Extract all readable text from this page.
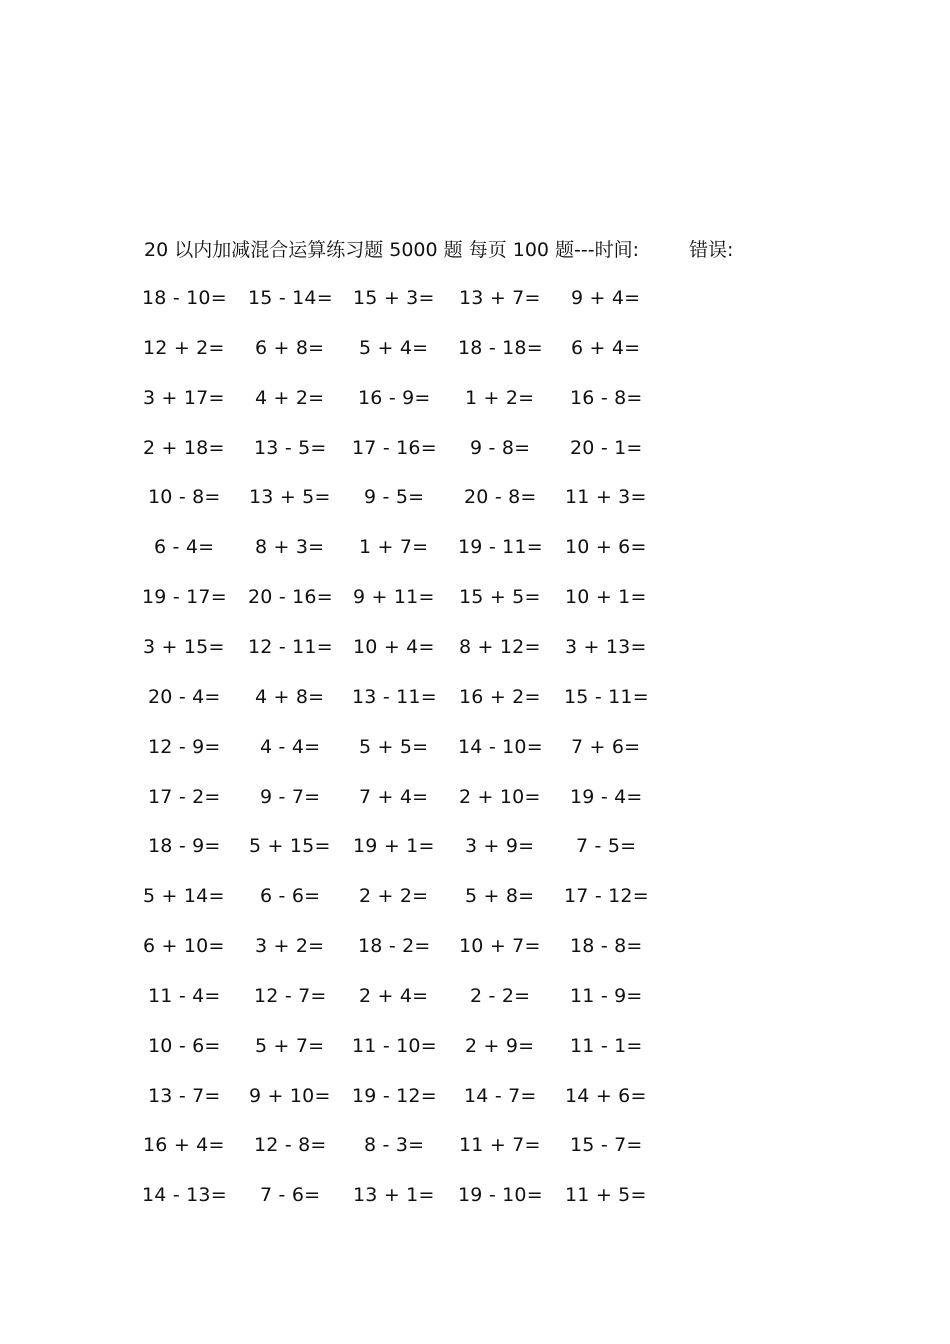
20 以内加减混合运算练习题 5000 题 每页 100 题---时间:	错误:
18 - 10= 15 - 14= 15 + 3= 13 + 7= 9 + 4=
12 + 2= 6 + 8= 5 + 4= 18 - 18= 6 + 4=
3 + 17= 4 + 2= 16 - 9= 1 + 2= 16 - 8=
2 + 18= 13 - 5= 17 - 16= 9 - 8= 20 - 1=
10 - 8= 13 + 5= 9 - 5= 20 - 8= 11 + 3=
6 - 4= 8 + 3= 1 + 7= 19 - 11= 10 + 6=
19 - 17= 20 - 16= 9 + 11= 15 + 5= 10 + 1=
3 + 15= 12 - 11= 10 + 4= 8 + 12= 3 + 13=
20 - 4= 4 + 8= 13 - 11= 16 + 2= 15 - 11=
12 - 9= 4 - 4= 5 + 5= 14 - 10= 7 + 6=
17 - 2= 9 - 7= 7 + 4= 2 + 10= 19 - 4=
18 - 9= 5 + 15= 19 + 1= 3 + 9= 7 - 5=
5 + 14= 6 - 6= 2 + 2= 5 + 8= 17 - 12=
6 + 10= 3 + 2= 18 - 2= 10 + 7= 18 - 8=
11 - 4= 12 - 7= 2 + 4= 2 - 2= 11 - 9=
10 - 6= 5 + 7= 11 - 10= 2 + 9= 11 - 1=
13 - 7= 9 + 10= 19 - 12= 14 - 7= 14 + 6=
16 + 4= 12 - 8= 8 - 3= 11 + 7= 15 - 7=
14 - 13= 7 - 6= 13 + 1= 19 - 10= 11 + 5=
